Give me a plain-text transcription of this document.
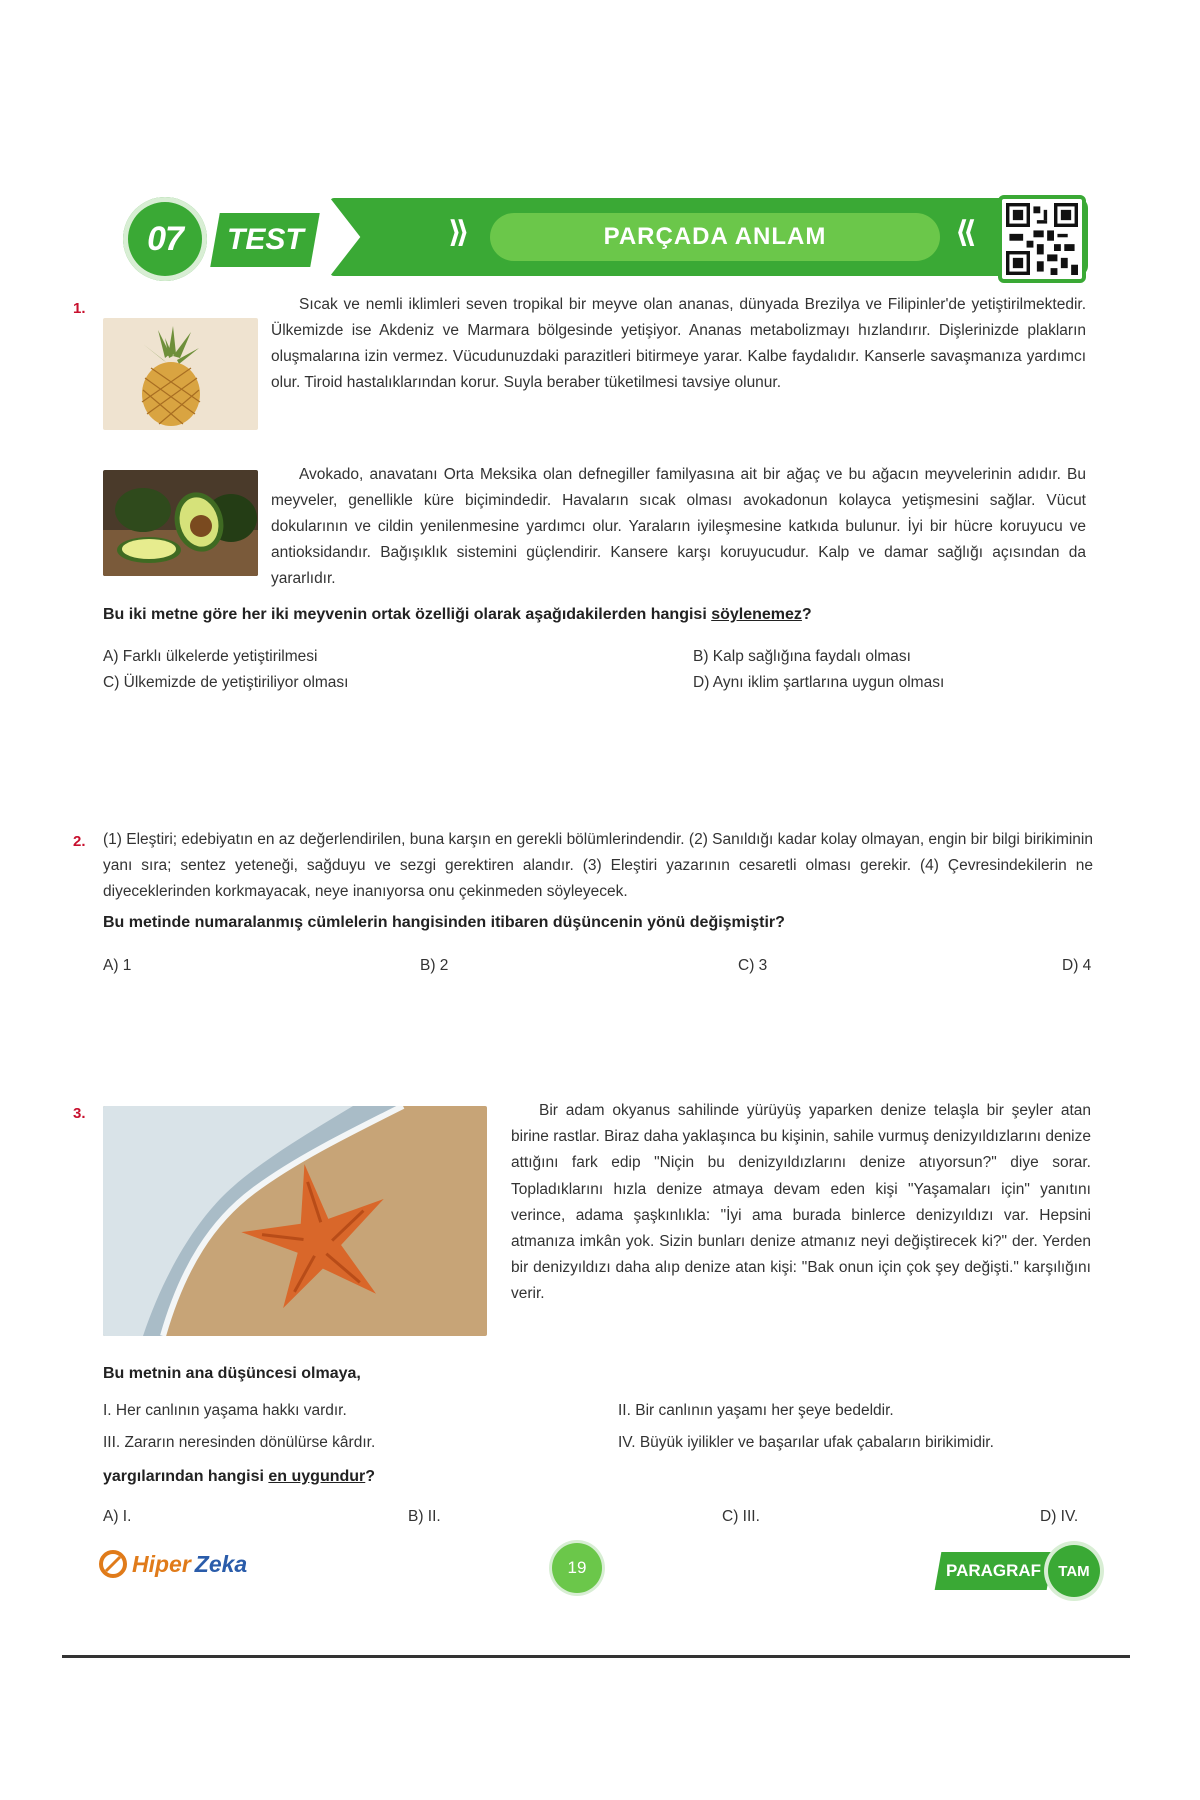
07 TEST	⟫	PARÇADA ANLAM	⟪
1.	Sıcak ve nemli iklimleri seven tropikal bir meyve olan ananas, dünyada Brezilya ve Filipinler'de yetiştirilmektedir. Ülkemizde ise Akdeniz ve Marmara bölgesinde yetişiyor. Ananas metabolizmayı hızlandırır. Dişlerinizde plakların oluşmalarına izin vermez. Vücudunuzdaki parazitleri bitirmeye yarar. Kalbe faydalıdır. Kanserle savaşmanıza yardımcı olur. Tiroid hastalıklarından korur. Suyla beraber tüketilmesi tavsiye olunur.
Avokado, anavatanı Orta Meksika olan defnegiller familyasına ait bir ağaç ve bu ağacın meyvelerinin adıdır. Bu meyveler, genellikle küre biçimindedir. Havaların sıcak olması avokadonun kolayca yetişmesini sağlar. Vücut dokularının ve cildin yenilenmesine yardımcı olur. Yaraların iyileşmesine katkıda bulunur. İyi bir hücre koruyucu ve antioksidandır. Bağışıklık sistemini güçlendirir. Kansere karşı koruyucudur. Kalp ve damar sağlığı açısından da yararlıdır.
Bu iki metne göre her iki meyvenin ortak özelliği olarak aşağıdakilerden hangisi söylenemez?
A) Farklı ülkelerde yetiştirilmesi	B) Kalp sağlığına faydalı olması
C) Ülkemizde de yetiştiriliyor olması	D) Aynı iklim şartlarına uygun olması
2. (1) Eleştiri; edebiyatın en az değerlendirilen, buna karşın en gerekli bölümlerindendir. (2) Sanıldığı kadar kolay olmayan, engin bir bilgi birikiminin yanı sıra; sentez yeteneği, sağduyu ve sezgi gerektiren alandır. (3) Eleştiri yazarının cesaretli olması gerekir. (4) Çevresindekilerin ne diyeceklerinden korkmayacak, neye inanıyorsa onu çekinmeden söyleyecek.
Bu metinde numaralanmış cümlelerin hangisinden itibaren düşüncenin yönü değişmiştir?
A) 1	B) 2	C) 3	D) 4
3.	Bir adam okyanus sahilinde yürüyüş yaparken denize telaşla bir şeyler atan birine rastlar. Biraz daha yaklaşınca bu kişinin, sahile vurmuş denizyıldızlarını denize attığını fark edip "Niçin bu denizyıldızlarını denize atıyorsun?" diye sorar. Topladıklarını hızla denize atmaya devam eden kişi "Yaşamaları için" yanıtını verince, adama şaşkınlıkla: "İyi ama burada binlerce denizyıldızı var. Hepsini atmanıza imkân yok. Sizin bunları denize atmanız neyi değiştirecek ki?" der. Yerden bir denizyıldızı daha alıp denize atan kişi: "Bak onun için çok şey değişti." karşılığını verir.
Bu metnin ana düşüncesi olmaya,
I. Her canlının yaşama hakkı vardır.	II. Bir canlının yaşamı her şeye bedeldir.
III. Zararın neresinden dönülürse kârdır.	IV. Büyük iyilikler ve başarılar ufak çabaların birikimidir.
yargılarından hangisi en uygundur?
A) I.	B) II.	C) III.	D) IV.
Hiper Zeka	19	PARAGRAF TAM
